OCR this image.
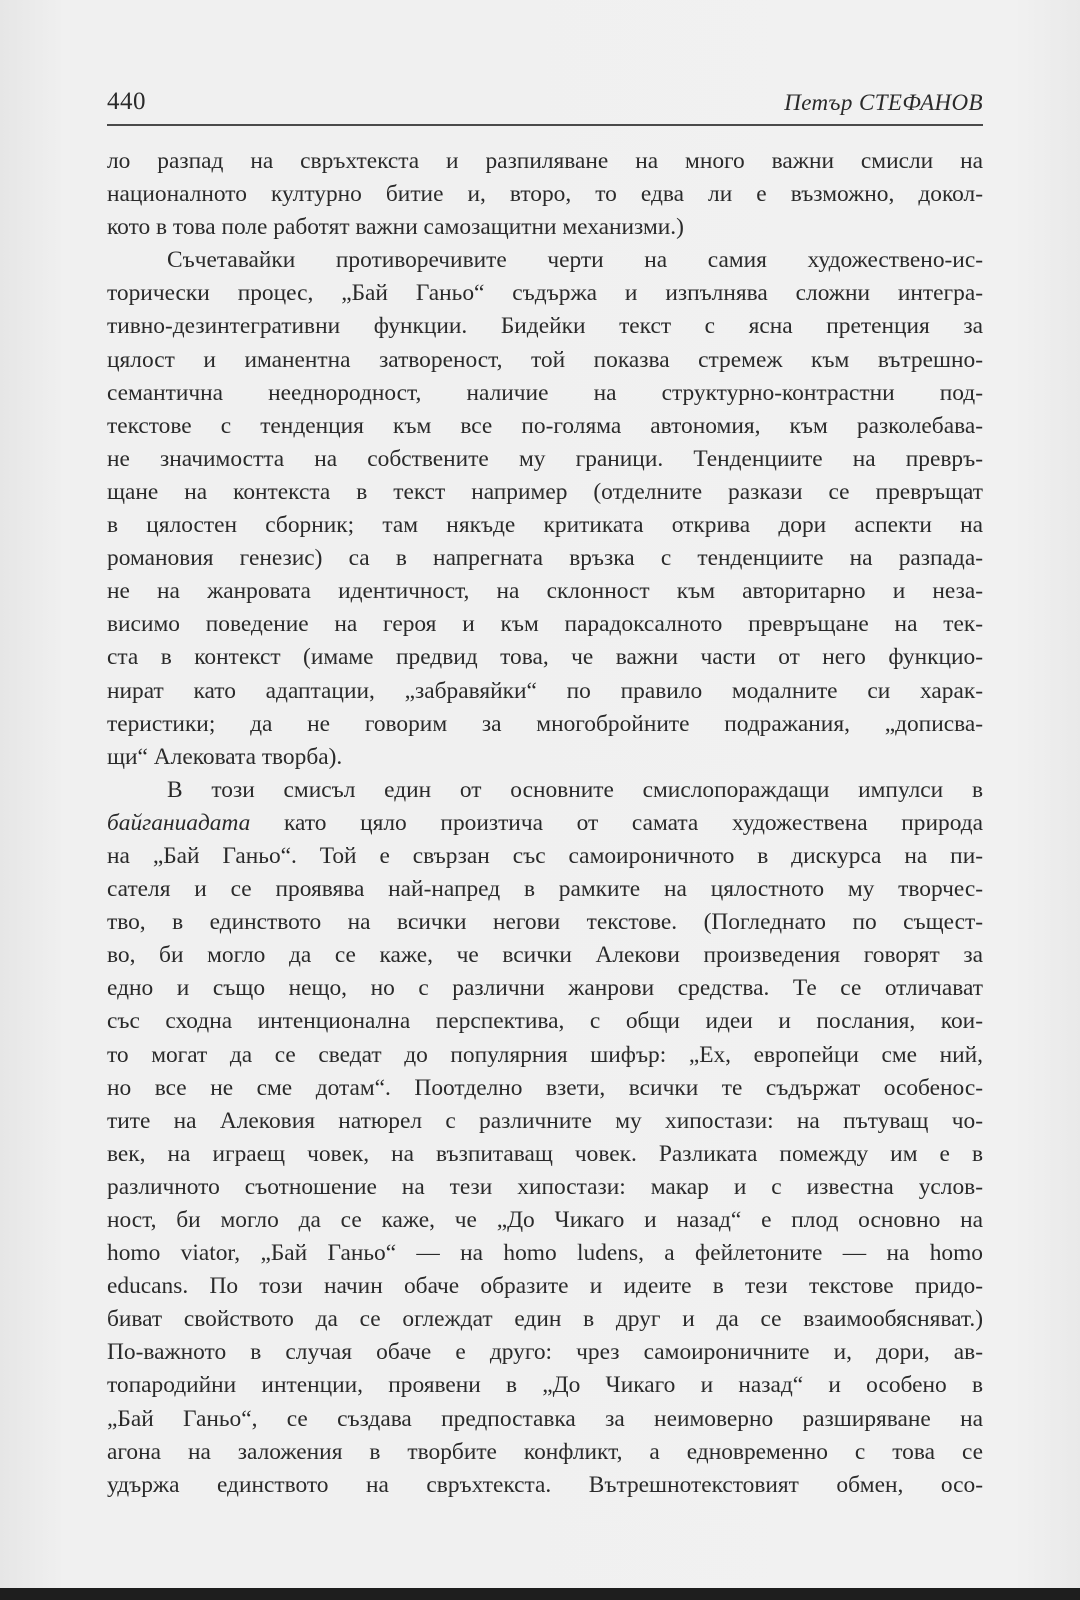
440	Петър СТЕФАНОВ
ло разпад на свръхтекста и разпиляване на много важни смисли на
националното културно битие и, второ, то едва ли е възможно, докол-
кото в това поле работят важни самозащитни механизми.)
Съчетавайки противоречивите черти на самия художествено-ис-
торически процес, „Бай Ганьо“ съдържа и изпълнява сложни интегра-
тивно-дезинтегративни функции. Бидейки текст с ясна претенция за
цялост и иманентна затвореност, той показва стремеж към вътрешно-
семантична нееднородност, наличие на структурно-контрастни под-
текстове с тенденция към все по-голяма автономия, към разколебава-
не значимостта на собствените му граници. Тенденциите на превръ-
щане на контекста в текст например (отделните разкази се превръщат
в цялостен сборник; там някъде критиката открива дори аспекти на
романовия генезис) са в напрегната връзка с тенденциите на разпада-
не на жанровата идентичност, на склонност към авторитарно и неза-
висимо поведение на героя и към парадоксалното превръщане на тек-
ста в контекст (имаме предвид това, че важни части от него функцио-
нират като адаптации, „забравяйки“ по правило модалните си харак-
теристики; да не говорим за многобройните подражания, „дописва-
щи“ Алековата творба).
В този смисъл един от основните смислопораждащи импулси в
байганиадата като цяло произтича от самата художествена природа
на „Бай Ганьо“. Той е свързан със самоироничното в дискурса на пи-
сателя и се проявява най-напред в рамките на цялостното му творчес-
тво, в единството на всички негови текстове. (Погледнато по същест-
во, би могло да се каже, че всички Алекови произведения говорят за
едно и също нещо, но с различни жанрови средства. Те се отличават
със сходна интенционална перспектива, с общи идеи и послания, кои-
то могат да се сведат до популярния шифър: „Ех, европейци сме ний,
но все не сме дотам“. Поотделно взети, всички те съдържат особенос-
тите на Алековия натюрел с различните му хипостази: на пътуващ чо-
век, на играещ човек, на възпитаващ човек. Разликата помежду им е в
различното съотношение на тези хипостази: макар и с известна услов-
ност, би могло да се каже, че „До Чикаго и назад“ е плод основно на
homo viator, „Бай Ганьо“ — на homo ludens, а фейлетоните — на homo
educans. По този начин обаче образите и идеите в тези текстове придо-
биват свойството да се оглеждат един в друг и да се взаимообясняват.)
По-важното в случая обаче е друго: чрез самоироничните и, дори, ав-
топародийни интенции, проявени в „До Чикаго и назад“ и особено в
„Бай Ганьо“, се създава предпоставка за неимоверно разширяване на
агона на заложения в творбите конфликт, а едновременно с това се
удържа единството на свръхтекста. Вътрешнотекстовият обмен, осо-
